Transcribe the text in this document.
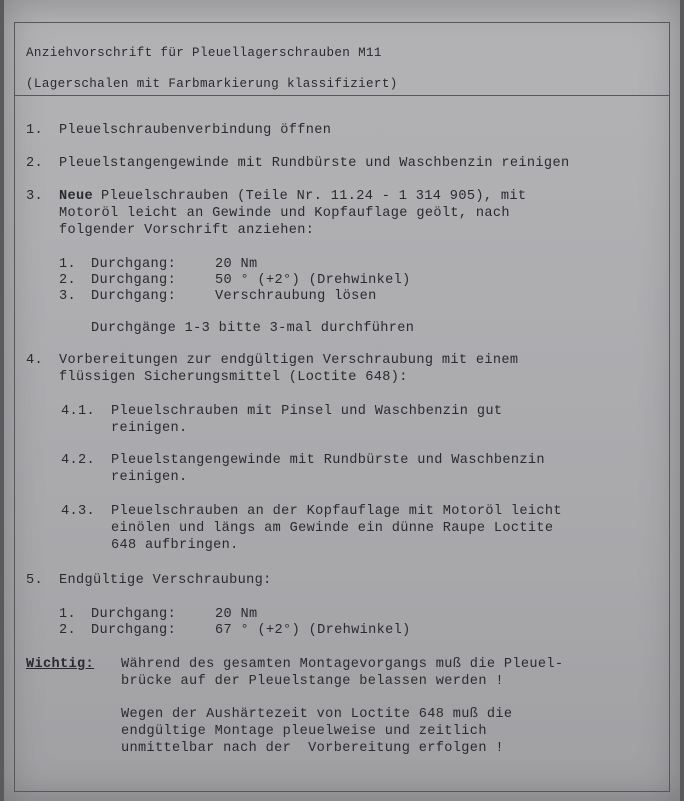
Anziehvorschrift für Pleuellagerschrauben M11
(Lagerschalen mit Farbmarkierung klassifiziert)
1. Pleuelschraubenverbindung öffnen
2. Pleuelstangengewinde mit Rundbürste und Waschbenzin reinigen
3. Neue Pleuelschrauben (Teile Nr. 11.24 - 1 314 905), mit
Motoröl leicht an Gewinde und Kopfauflage geölt, nach
folgender Vorschrift anziehen:
1. Durchgang:	20 Nm
2. Durchgang:	50 ° (+2°) (Drehwinkel)
3. Durchgang:	Verschraubung lösen
Durchgänge 1-3 bitte 3-mal durchführen
4. Vorbereitungen zur endgültigen Verschraubung mit einem
flüssigen Sicherungsmittel (Loctite 648):
4.1. Pleuelschrauben mit Pinsel und Waschbenzin gut
reinigen.
4.2. Pleuelstangengewinde mit Rundbürste und Waschbenzin
reinigen.
4.3. Pleuelschrauben an der Kopfauflage mit Motoröl leicht
einölen und längs am Gewinde ein dünne Raupe Loctite
648 aufbringen.
5. Endgültige Verschraubung:
1. Durchgang:	20 Nm
2. Durchgang:	67 ° (+2°) (Drehwinkel)
Wichtig: Während des gesamten Montagevorgangs muß die Pleuel-
brücke auf der Pleuelstange belassen werden !
Wegen der Aushärtezeit von Loctite 648 muß die
endgültige Montage pleuelweise und zeitlich
unmittelbar nach der  Vorbereitung erfolgen !
